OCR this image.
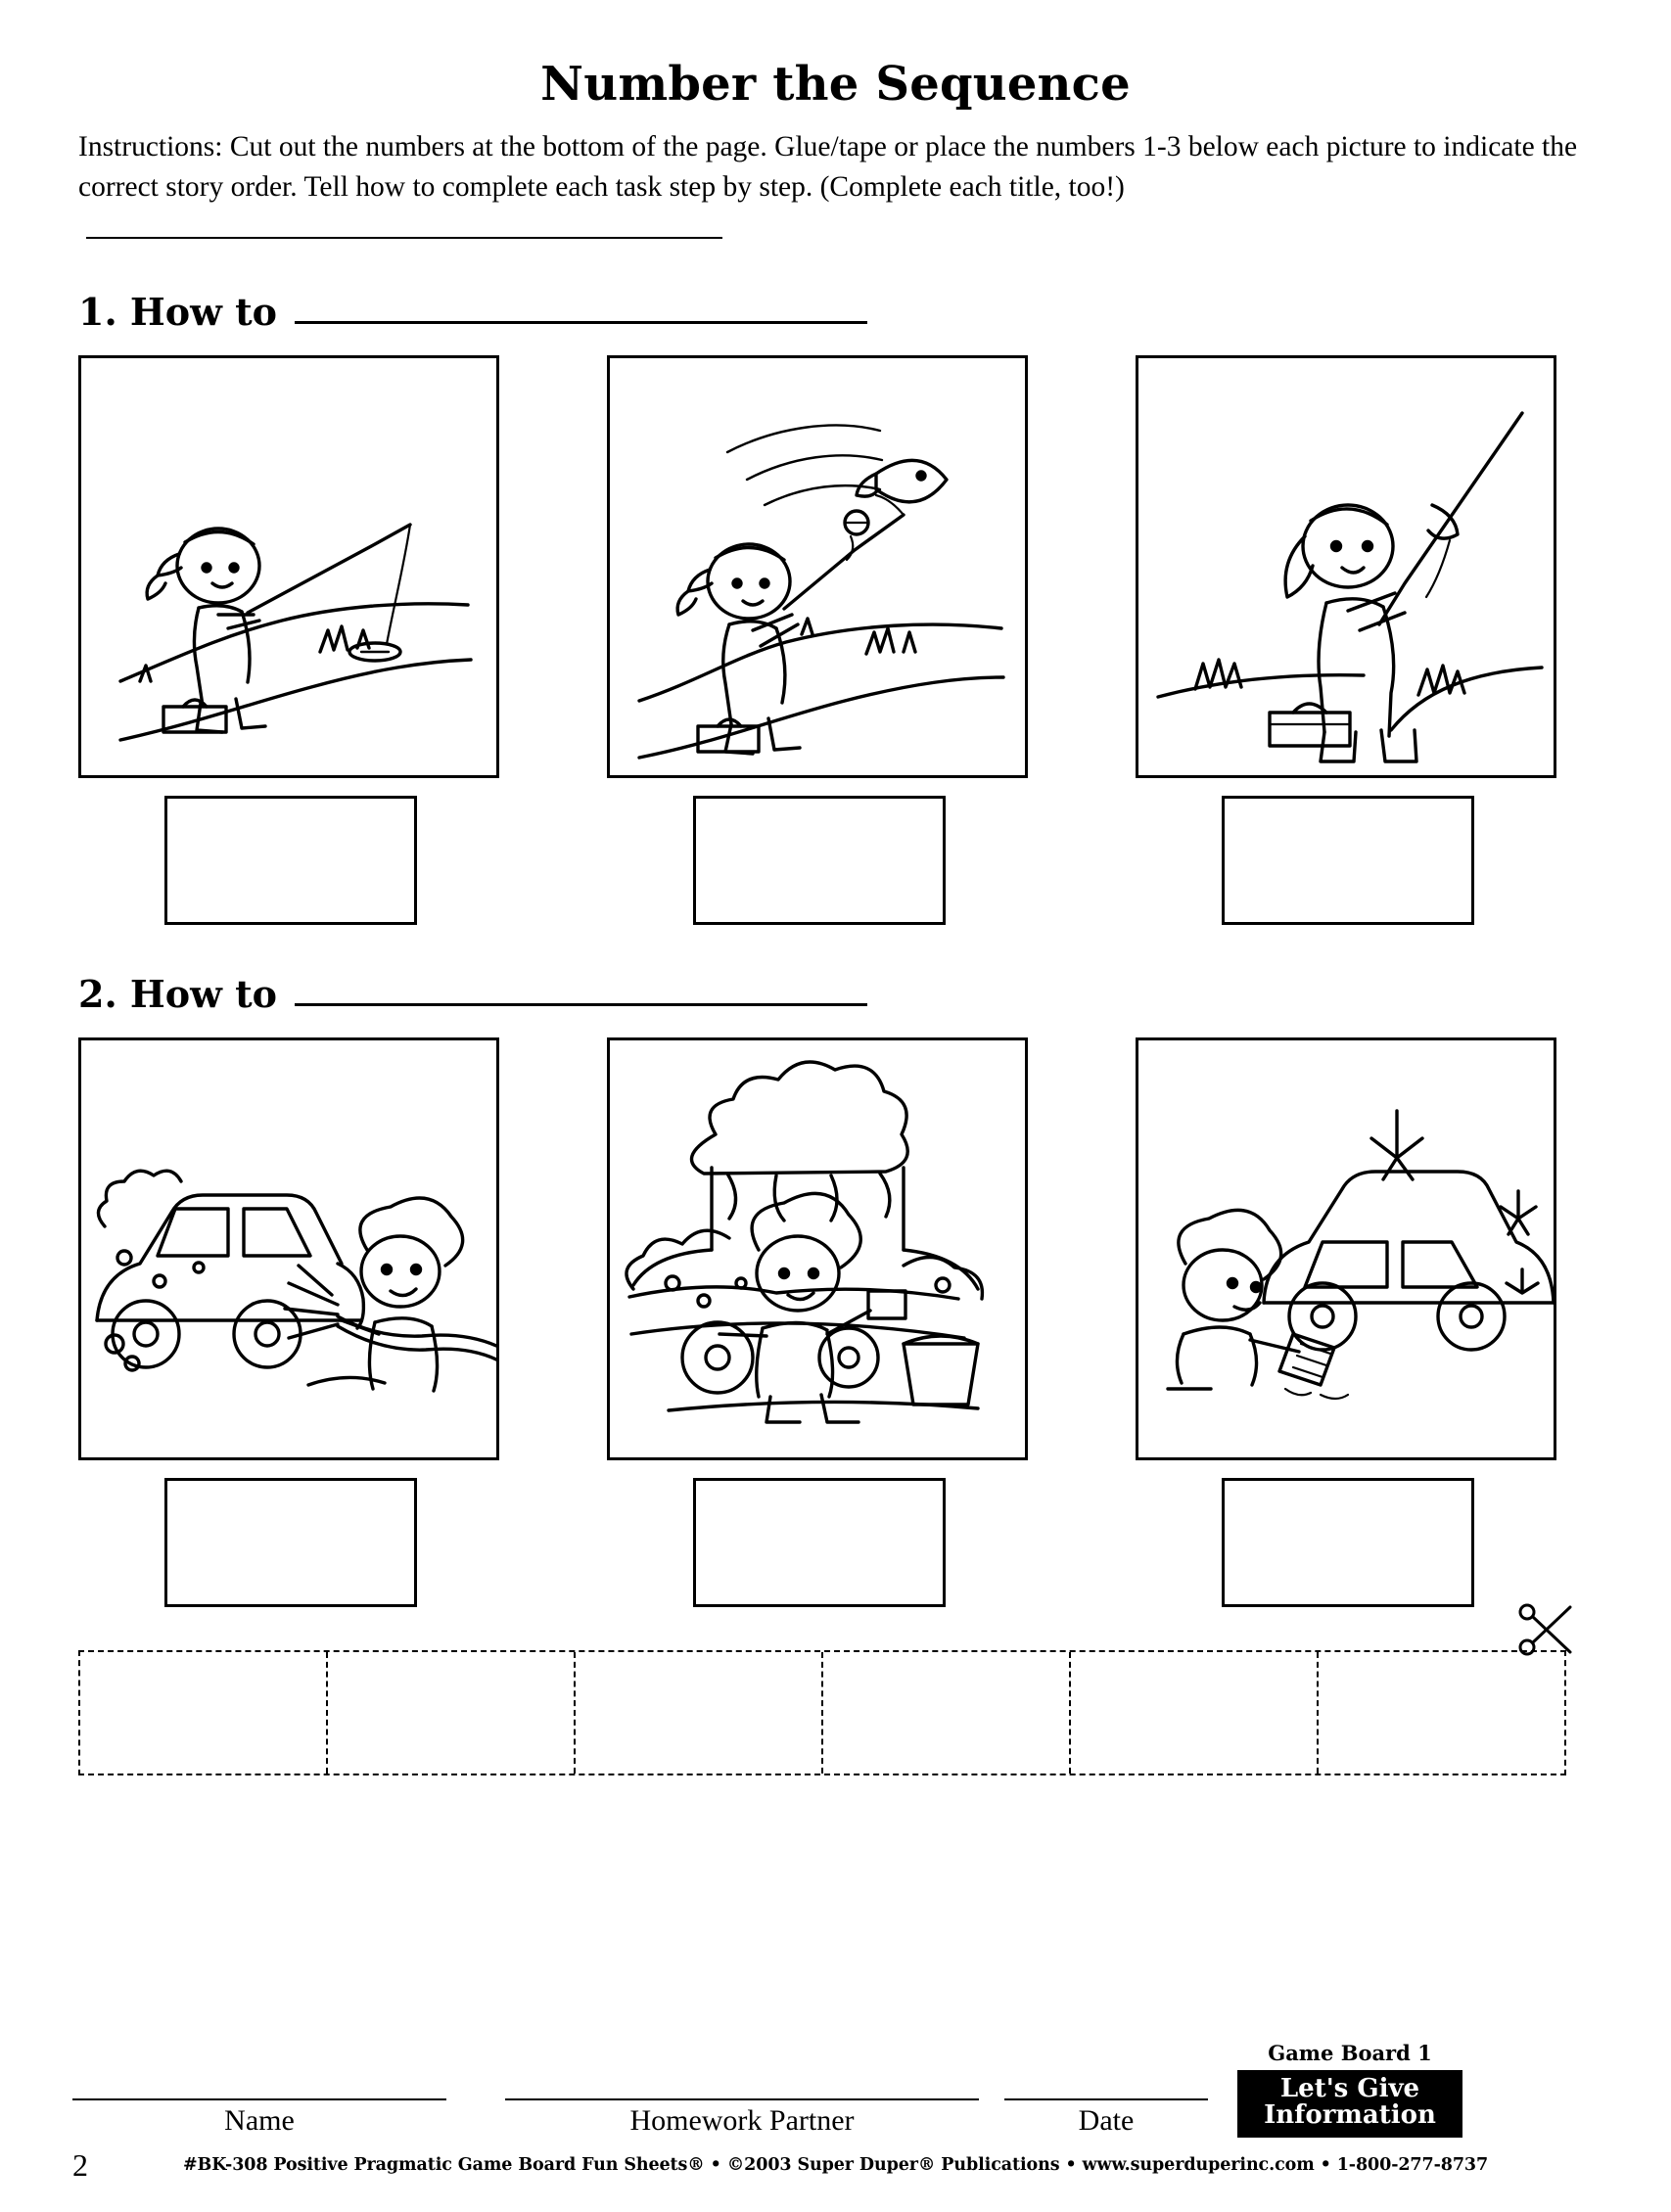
Number the Sequence
Instructions: Cut out the numbers at the bottom of the page. Glue/tape or place the numbers 1-3 below each picture to indicate the correct story order. Tell how to complete each task step by step. (Complete each title, too!)
1. How to
2. How to
Name	Homework Partner	Date
Game Board 1
Let's Give
Information
2	#BK-308 Positive Pragmatic Game Board Fun Sheets® • ©2003 Super Duper® Publications • www.superduperinc.com • 1-800-277-8737
